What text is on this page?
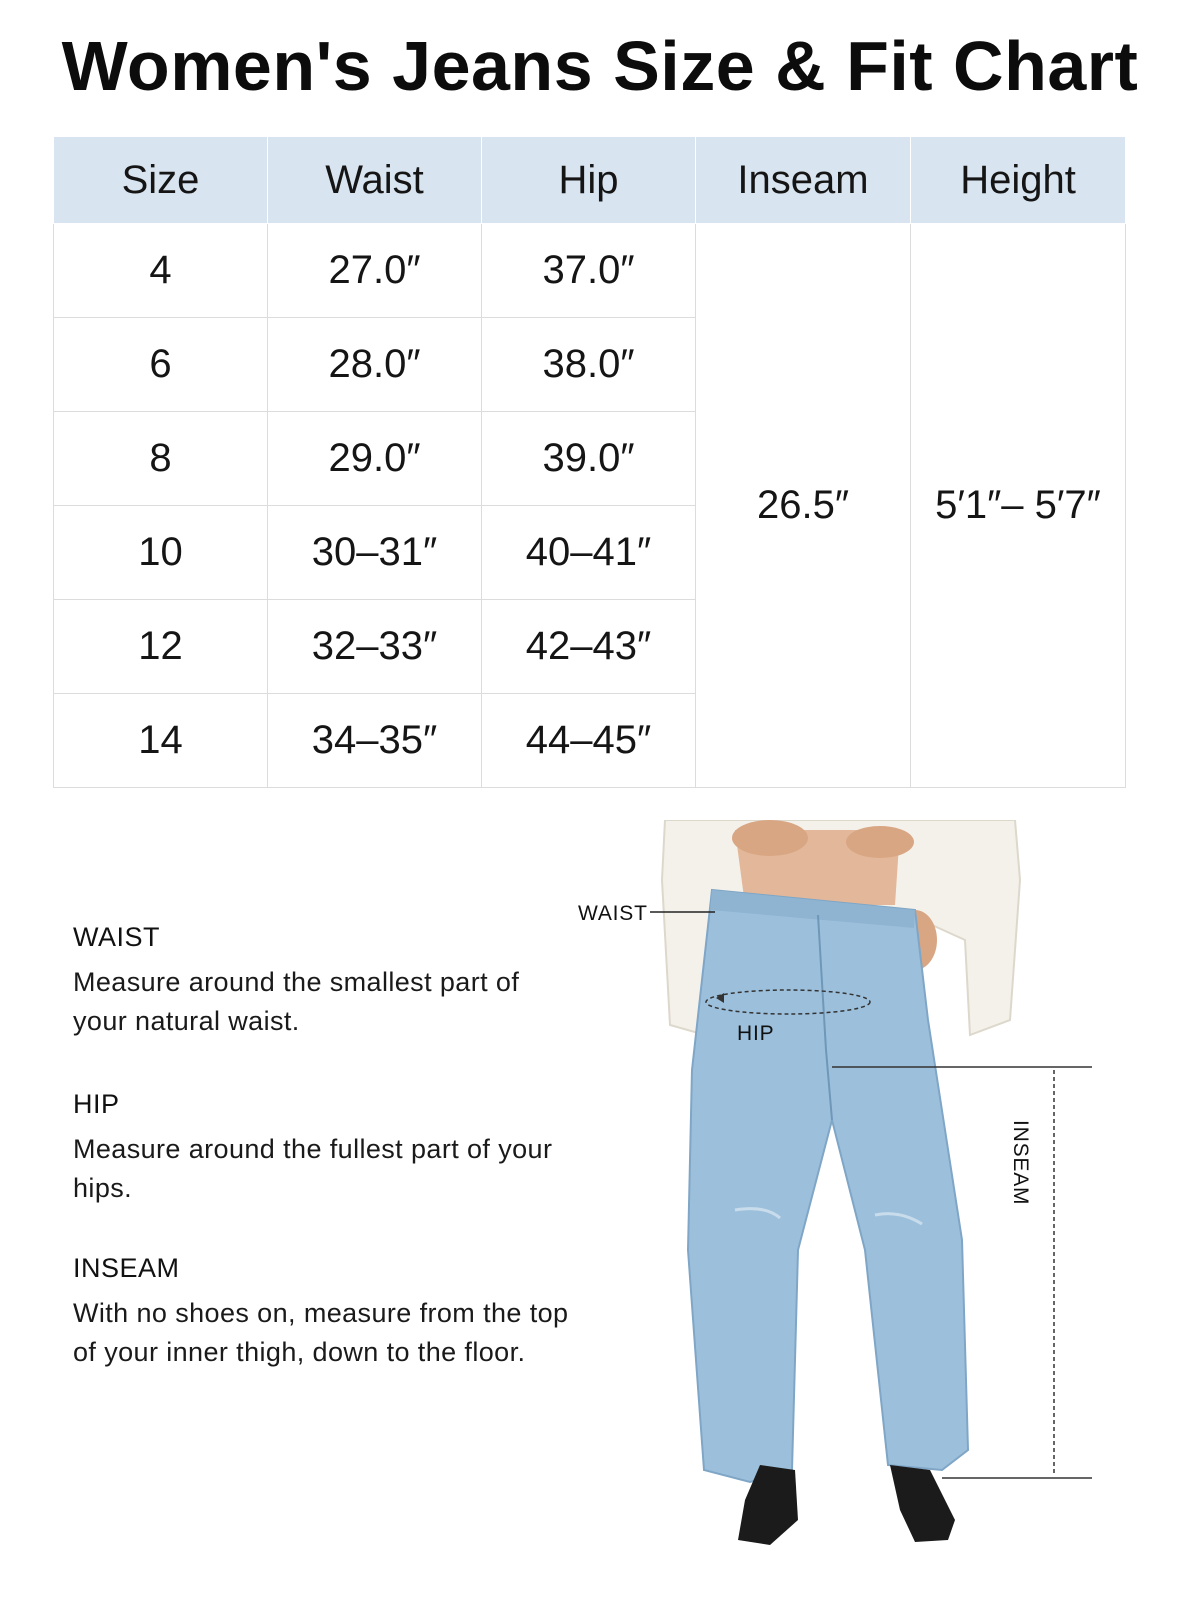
Women's Jeans Size & Fit Chart
Size	Waist	Hip	Inseam	Height
4	27.0″	37.0″	26.5″	5′1″– 5′7″
6	28.0″	38.0″		
8	29.0″	39.0″		
10	30–31″	40–41″		
12	32–33″	42–43″		
14	34–35″	44–45″		
WAIST
Measure around the smallest part of your natural waist.
HIP
Measure around the fullest part of your hips.
INSEAM
With no shoes on, measure from the top of your inner thigh, down to the floor.
WAIST
HIP
INSEAM
